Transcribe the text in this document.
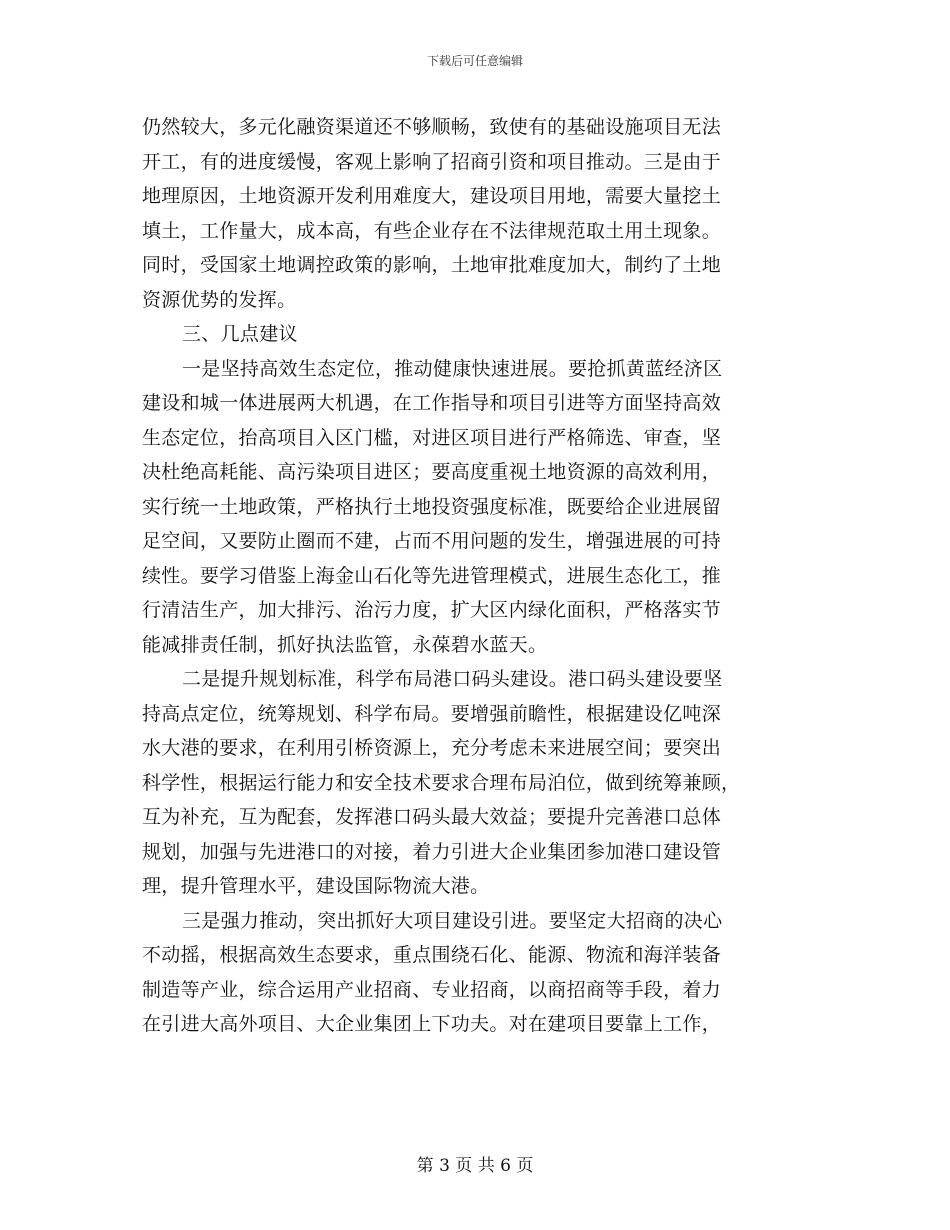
下载后可任意编辑
仍然较大，多元化融资渠道还不够顺畅，致使有的基础设施项目无法
开工，有的进度缓慢，客观上影响了招商引资和项目推动。三是由于
地理原因，土地资源开发利用难度大，建设项目用地，需要大量挖土
填土，工作量大，成本高，有些企业存在不法律规范取土用土现象。
同时，受国家土地调控政策的影响，土地审批难度加大，制约了土地
资源优势的发挥。
三、几点建议
一是坚持高效生态定位，推动健康快速进展。要抢抓黄蓝经济区
建设和城一体进展两大机遇，在工作指导和项目引进等方面坚持高效
生态定位，抬高项目入区门槛，对进区项目进行严格筛选、审查，坚
决杜绝高耗能、高污染项目进区；要高度重视土地资源的高效利用，
实行统一土地政策，严格执行土地投资强度标准，既要给企业进展留
足空间，又要防止圈而不建，占而不用问题的发生，增强进展的可持
续性。要学习借鉴上海金山石化等先进管理模式，进展生态化工，推
行清洁生产，加大排污、治污力度，扩大区内绿化面积，严格落实节
能减排责任制，抓好执法监管，永葆碧水蓝天。
二是提升规划标准，科学布局港口码头建设。港口码头建设要坚
持高点定位，统筹规划、科学布局。要增强前瞻性，根据建设亿吨深
水大港的要求，在利用引桥资源上，充分考虑未来进展空间；要突出
科学性，根据运行能力和安全技术要求合理布局泊位，做到统筹兼顾，
互为补充，互为配套，发挥港口码头最大效益；要提升完善港口总体
规划，加强与先进港口的对接，着力引进大企业集团参加港口建设管
理，提升管理水平，建设国际物流大港。
三是强力推动，突出抓好大项目建设引进。要坚定大招商的决心
不动摇，根据高效生态要求，重点围绕石化、能源、物流和海洋装备
制造等产业，综合运用产业招商、专业招商，以商招商等手段，着力
在引进大高外项目、大企业集团上下功夫。对在建项目要靠上工作，
第 3 页 共 6 页
